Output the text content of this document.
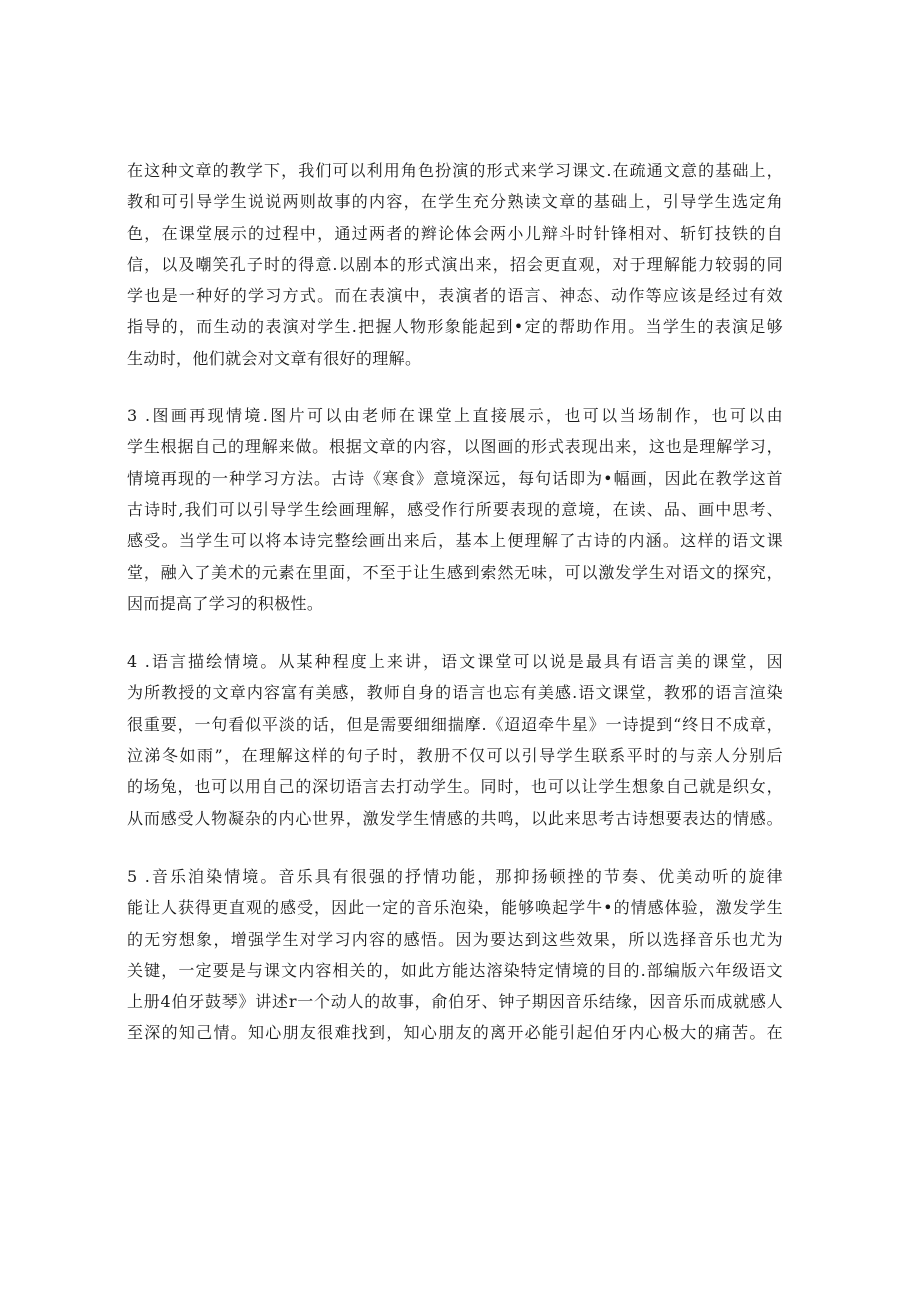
在这种文章的教学下，我们可以利用角色扮演的形式来学习课文.在疏通文意的基础上，
教和可引导学生说说两则故事的内容，在学生充分熟读文章的基础上，引导学生选定角
色，在课堂展示的过程中，通过两者的辫论体会两小儿辩斗时针锋相对、斩钉技铁的自
信，以及嘲笑孔子时的得意.以剧本的形式演出来，招会更直观，对于理解能力较弱的同
学也是一种好的学习方式。而在表演中，表演者的语言、神态、动作等应该是经过有效
指导的，而生动的表演对学生.把握人物形象能起到•定的帮助作用。当学生的表演足够
生动时，他们就会对文章有很好的理解。
3 .图画再现情境.图片可以由老师在课堂上直接展示，也可以当场制作，也可以由
学生根据自己的理解来做。根据文章的内容，以图画的形式表现出来，这也是理解学习，
情境再现的一种学习方法。古诗《寒食》意境深远，每句话即为•幅画，因此在教学这首
古诗时,我们可以引导学生绘画理解，感受作行所要表现的意境，在读、品、画中思考、
感受。当学生可以将本诗完整绘画出来后，基本上便理解了古诗的内涵。这样的语文课
堂，融入了美术的元素在里面，不至于让生感到索然无味，可以激发学生对语文的探究，
因而提高了学习的积极性。
4 .语言描绘情境。从某种程度上来讲，语文课堂可以说是最具有语言美的课堂，因
为所教授的文章内容富有美感，教师自身的语言也忘有美感.语文课堂，教邪的语言渲染
很重要，一句看似平淡的话，但是需要细细揣摩.《迢迢牵牛星》一诗提到“终日不成章，
泣涕冬如雨”，在理解这样的句子时，教册不仅可以引导学生联系平时的与亲人分别后
的场兔，也可以用自己的深切语言去打动学生。同时，也可以让学生想象自己就是织女，
从而感受人物凝杂的内心世界，激发学生情感的共鸣，以此来思考古诗想要表达的情感。
5 .音乐洎染情境。音乐具有很强的抒情功能，那抑扬顿挫的节奏、优美动听的旋律
能让人获得更直观的感受，因此一定的音乐泡染，能够唤起学牛•的情感体验，激发学生
的无穷想象，增强学生对学习内容的感悟。因为要达到这些效果，所以选择音乐也尤为
关键，一定要是与课文内容相关的，如此方能达溶染特定情境的目的.部编版六年级语文
上册4伯牙鼓琴》讲述r一个动人的故事，俞伯牙、钟子期因音乐结缘，因音乐而成就感人
至深的知己情。知心朋友很难找到，知心朋友的离开必能引起伯牙内心极大的痛苦。在
